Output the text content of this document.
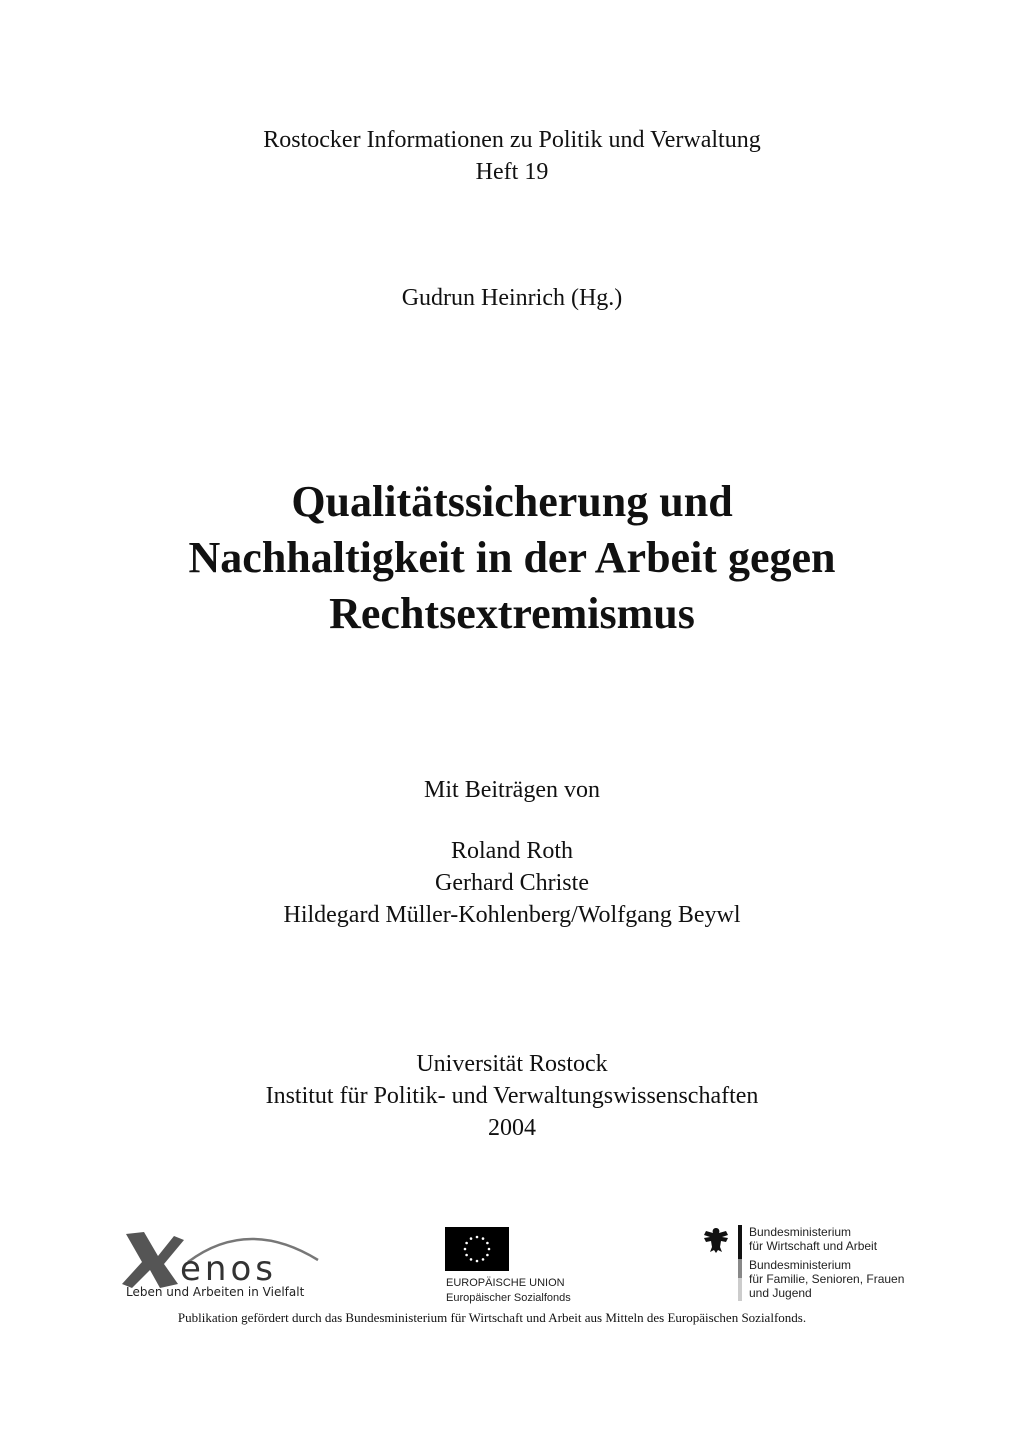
Rostocker Informationen zu Politik und Verwaltung
Heft 19
Gudrun Heinrich (Hg.)
Qualitätssicherung und
Nachhaltigkeit in der Arbeit gegen
Rechtsextremismus
Mit Beiträgen von
Roland Roth
Gerhard Christe
Hildegard Müller-Kohlenberg/Wolfgang Beywl
Universität Rostock
Institut für Politik- und Verwaltungswissenschaften
2004
enos
Leben und Arbeiten in Vielfalt
EUROPÄISCHE UNION
Europäischer Sozialfonds
Bundesministerium
für Wirtschaft und Arbeit
Bundesministerium
für Familie, Senioren, Frauen
und Jugend
Publikation gefördert durch das Bundesministerium für Wirtschaft und Arbeit aus Mitteln des Europäischen Sozialfonds.
